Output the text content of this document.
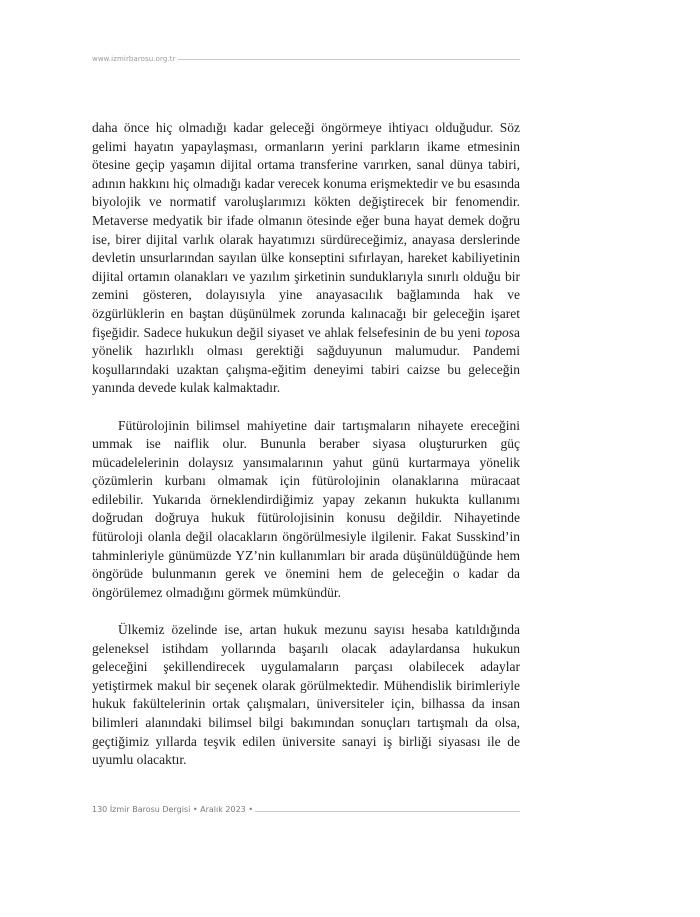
www.izmirbarosu.org.tr

daha önce hiç olmadığı kadar geleceği öngörmeye ihtiyacı olduğudur. Söz gelimi hayatın yapaylaşması, ormanların yerini parkların ikame etmesinin ötesine geçip yaşamın dijital ortama transferine varırken, sanal dünya tabiri, adının hakkını hiç olmadığı kadar verecek konuma erişmektedir ve bu esasında biyolojik ve normatif varoluşlarımızı kökten değiştirecek bir fenomendir. Metaverse medyatik bir ifade olmanın ötesinde eğer buna hayat demek doğru ise, birer dijital varlık olarak hayatımızı sürdüreceğimiz, anayasa derslerinde devletin unsurlarından sayılan ülke konseptini sıfırlayan, hareket kabiliyetinin dijital ortamın olanakları ve yazılım şirketinin sunduklarıyla sınırlı olduğu bir zemini gösteren, dolayısıyla yine anayasacılık bağlamında hak ve özgürlüklerin en baştan düşünülmek zorunda kalınacağı bir geleceğin işaret fişeğidir. Sadece hukukun değil siyaset ve ahlak felsefesinin de bu yeni toposa yönelik hazırlıklı olması gerektiği sağduyunun malumudur. Pandemi koşullarındaki uzaktan çalışma-eğitim deneyimi tabiri caizse bu geleceğin yanında devede kulak kalmaktadır.

Fütürolojinin bilimsel mahiyetine dair tartışmaların nihayete ereceğini ummak ise naiflik olur. Bununla beraber siyasa oluştururken güç mücadelelerinin dolaysız yansımalarının yahut günü kurtarmaya yönelik çözümlerin kurbanı olmamak için fütürolojinin olanaklarına müracaat edilebilir. Yukarıda örneklendirdiğimiz yapay zekanın hukukta kullanımı doğrudan doğruya hukuk fütürolojisinin konusu değildir. Nihayetinde fütüroloji olanla değil olacakların öngörülmesiyle ilgilenir. Fakat Susskind’in tahminleriyle günümüzde YZ’nin kullanımları bir arada düşünüldüğünde hem öngörüde bulunmanın gerek ve önemini hem de geleceğin o kadar da öngörülemez olmadığını görmek mümkündür.

Ülkemiz özelinde ise, artan hukuk mezunu sayısı hesaba katıldığında geleneksel istihdam yollarında başarılı olacak adaylardansa hukukun geleceğini şekillendirecek uygulamaların parçası olabilecek adaylar yetiştirmek makul bir seçenek olarak görülmektedir. Mühendislik birimleriyle hukuk fakültelerinin ortak çalışmaları, üniversiteler için, bilhassa da insan bilimleri alanındaki bilimsel bilgi bakımından sonuçları tartışmalı da olsa, geçtiğimiz yıllarda teşvik edilen üniversite sanayi iş birliği siyasası ile de uyumlu olacaktır.

130 İzmir Barosu Dergisi • Aralık 2023 •
